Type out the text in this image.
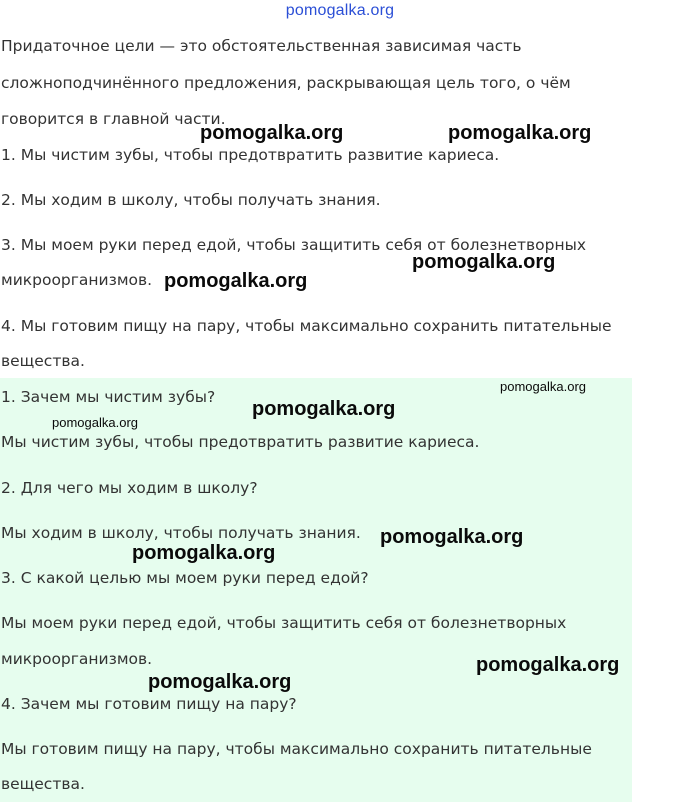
pomogalka.org

Придаточное цели — это обстоятельственная зависимая часть

сложноподчинённого предложения, раскрывающая цель того, о чём

говорится в главной части.

1. Мы чистим зубы, чтобы предотвратить развитие кариеса.

2. Мы ходим в школу, чтобы получать знания.

3. Мы моем руки перед едой, чтобы защитить себя от болезнетворных

микроорганизмов.

4. Мы готовим пищу на пару, чтобы максимально сохранить питательные

вещества.

1. Зачем мы чистим зубы?

Мы чистим зубы, чтобы предотвратить развитие кариеса.

2. Для чего мы ходим в школу?

Мы ходим в школу, чтобы получать знания.

3. С какой целью мы моем руки перед едой?

Мы моем руки перед едой, чтобы защитить себя от болезнетворных

микроорганизмов.

4. Зачем мы готовим пищу на пару?

Мы готовим пищу на пару, чтобы максимально сохранить питательные

вещества.

pomogalka.org	pomogalka.org
pomogalka.org
pomogalka.org
pomogalka.org
pomogalka.org
pomogalka.org
pomogalka.org
pomogalka.org
pomogalka.org
pomogalka.org
